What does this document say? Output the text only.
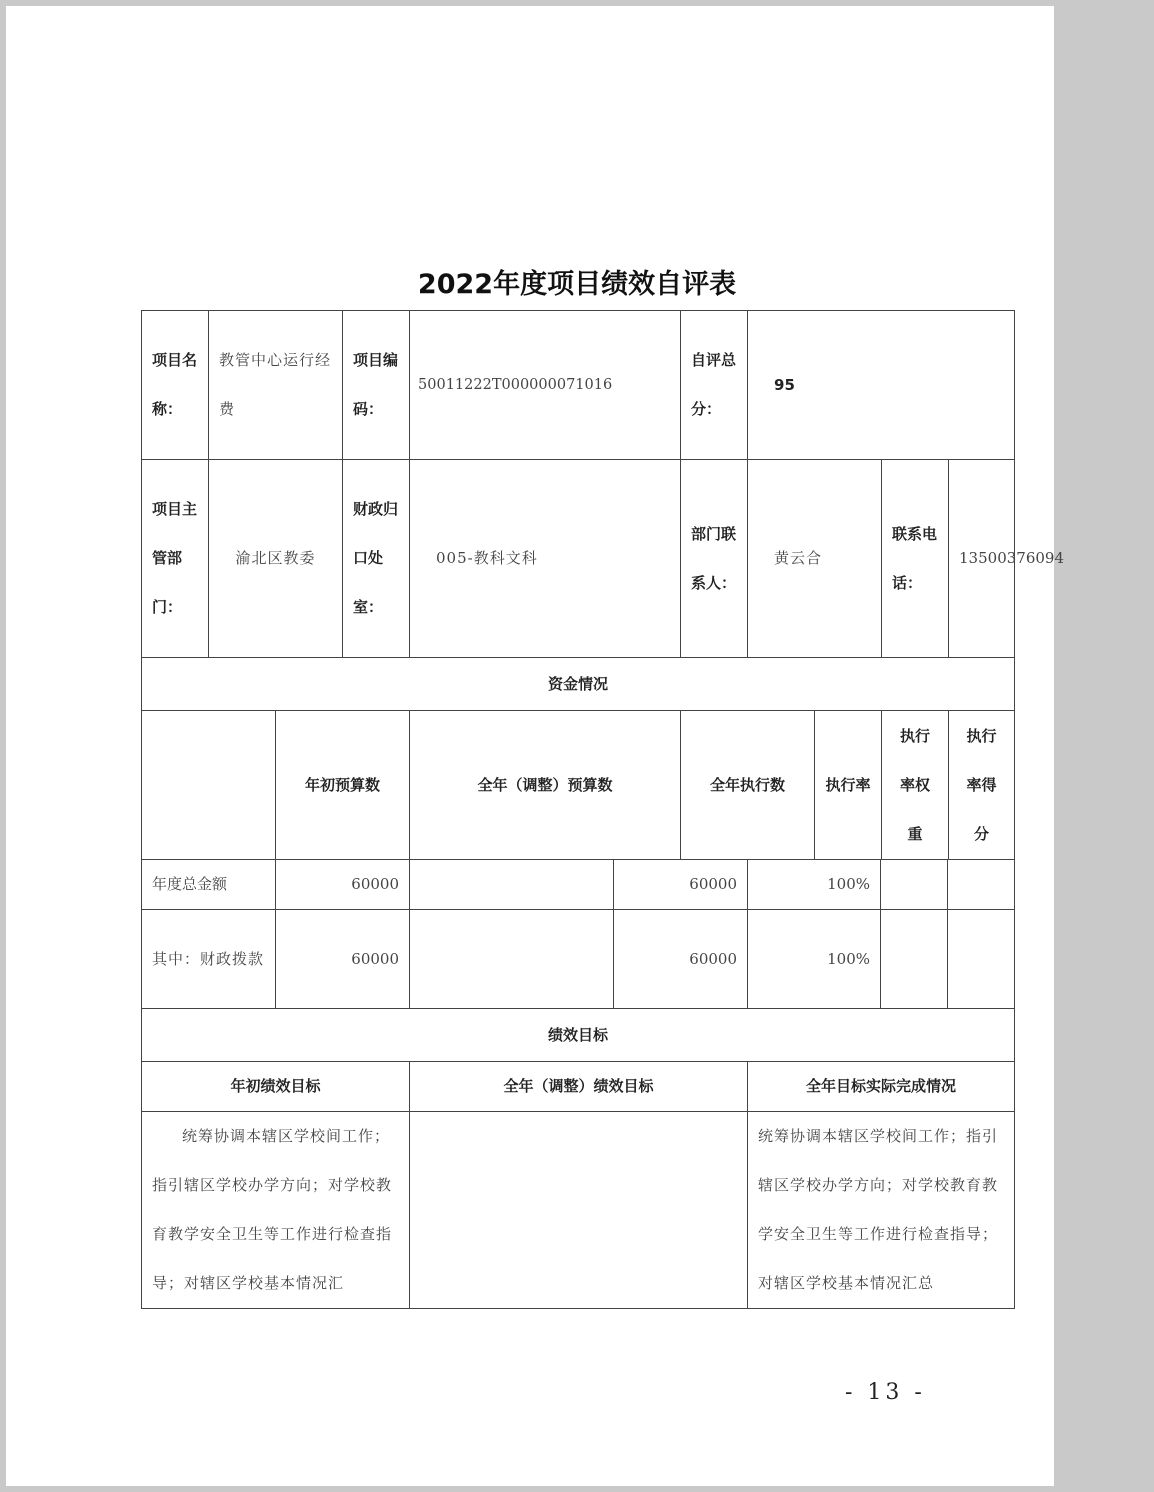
2022年度项目绩效自评表
项目名称：	教管中心运行经费		项目编码：	50011222T000000071016	自评总分：	95			
项目主管部门：	渝北区教委		财政归口处室：	005-教科文科	部门联系人：	黄云合		联系电话：	13500376094
资金情况									
		年初预算数		全年（调整）预算数	全年执行数		执行率	执行率权重	执行率得分
年度总金额	60000		60000	100%		
其中：财政拨款	60000		60000	100%		
绩效目标						
年初绩效目标		全年（调整）绩效目标		全年目标实际完成情况		
统筹协调本辖区学校间工作；指引辖区学校办学方向；对学校教育教学安全卫生等工作进行检查指导；对辖区学校基本情况汇				统筹协调本辖区学校间工作；指引辖区学校办学方向；对学校教育教学安全卫生等工作进行检查指导；对辖区学校基本情况汇总		
- 13 -
